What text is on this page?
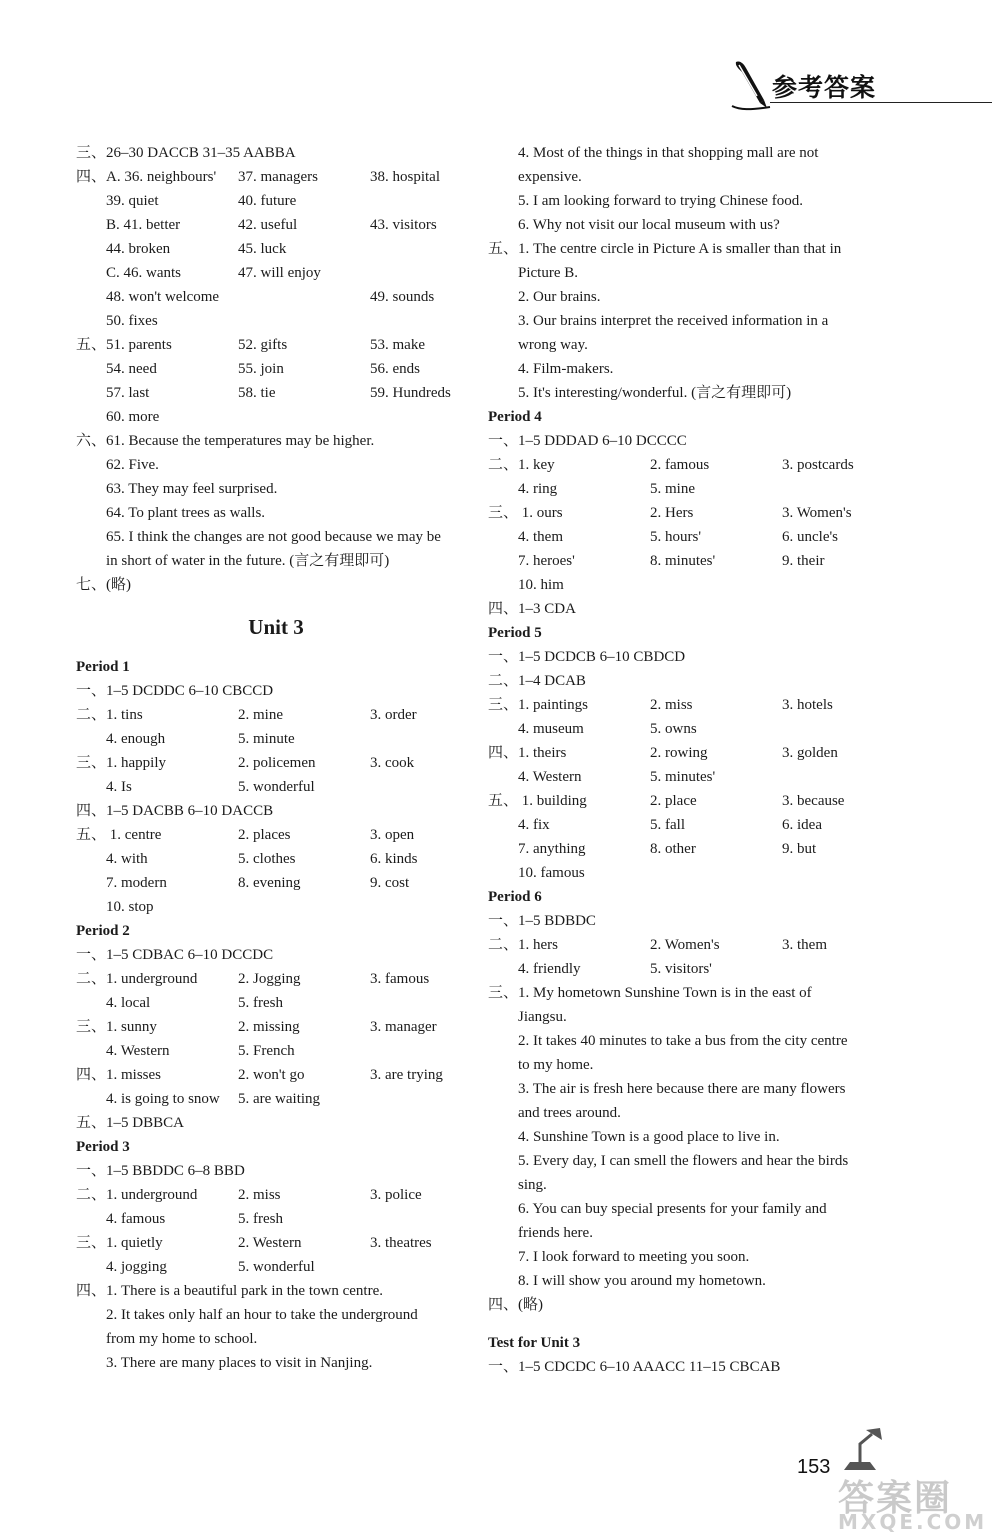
参考答案
三、26–30 DACCB 31–35 AABBA
四、A. 36. neighbours' 37. managers	38. hospital
39. quiet	40. future
B. 41. better	42. useful	43. visitors
44. broken	45. luck
C. 46. wants	47. will enjoy
48. won't welcome	49. sounds
50. fixes
五、51. parents	52. gifts	53. make
54. need	55. join	56. ends
57. last	58. tie	59. Hundreds
60. more
六、61. Because the temperatures may be higher.
62. Five.
63. They may feel surprised.
64. To plant trees as walls.
65. I think the changes are not good because we may be
in short of water in the future. (言之有理即可)
七、(略)
Unit 3
Period 1
一、1–5 DCDDC 6–10 CBCCD
二、1. tins	2. mine	3. order
4. enough	5. minute
三、1. happily	2. policemen	3. cook
4. Is	5. wonderful
四、1–5 DACBB 6–10 DACCB
五、 1. centre	2. places	3. open
4. with	5. clothes	6. kinds
7. modern	8. evening	9. cost
10. stop
Period 2
一、1–5 CDBAC 6–10 DCCDC
二、1. underground	2. Jogging	3. famous
4. local	5. fresh
三、1. sunny	2. missing	3. manager
4. Western	5. French
四、1. misses	2. won't go	3. are trying
4. is going to snow 5. are waiting
五、1–5 DBBCA
Period 3
一、1–5 BBDDC 6–8 BBD
二、1. underground	2. miss	3. police
4. famous	5. fresh
三、1. quietly	2. Western	3. theatres
4. jogging	5. wonderful
四、1. There is a beautiful park in the town centre.
2. It takes only half an hour to take the underground
from my home to school.
3. There are many places to visit in Nanjing.
4. Most of the things in that shopping mall are not
expensive.
5. I am looking forward to trying Chinese food.
6. Why not visit our local museum with us?
五、1. The centre circle in Picture A is smaller than that in
Picture B.
2. Our brains.
3. Our brains interpret the received information in a
wrong way.
4. Film-makers.
5. It's interesting/wonderful. (言之有理即可)
Period 4
一、1–5 DDDAD 6–10 DCCCC
二、1. key	2. famous	3. postcards
4. ring	5. mine
三、 1. ours	2. Hers	3. Women's
4. them	5. hours'	6. uncle's
7. heroes'	8. minutes'	9. their
10. him
四、1–3 CDA
Period 5
一、1–5 DCDCB 6–10 CBDCD
二、1–4 DCAB
三、1. paintings	2. miss	3. hotels
4. museum	5. owns
四、1. theirs	2. rowing	3. golden
4. Western	5. minutes'
五、 1. building	2. place	3. because
4. fix	5. fall	6. idea
7. anything	8. other	9. but
10. famous
Period 6
一、1–5 BDBDC
二、1. hers	2. Women's	3. them
4. friendly	5. visitors'
三、1. My hometown Sunshine Town is in the east of
Jiangsu.
2. It takes 40 minutes to take a bus from the city centre
to my home.
3. The air is fresh here because there are many flowers
and trees around.
4. Sunshine Town is a good place to live in.
5. Every day, I can smell the flowers and hear the birds
sing.
6. You can buy special presents for your family and
friends here.
7. I look forward to meeting you soon.
8. I will show you around my hometown.
四、(略)
Test for Unit 3
一、1–5 CDCDC 6–10 AAACC 11–15 CBCAB
153
答案圈
MXQE.COM
